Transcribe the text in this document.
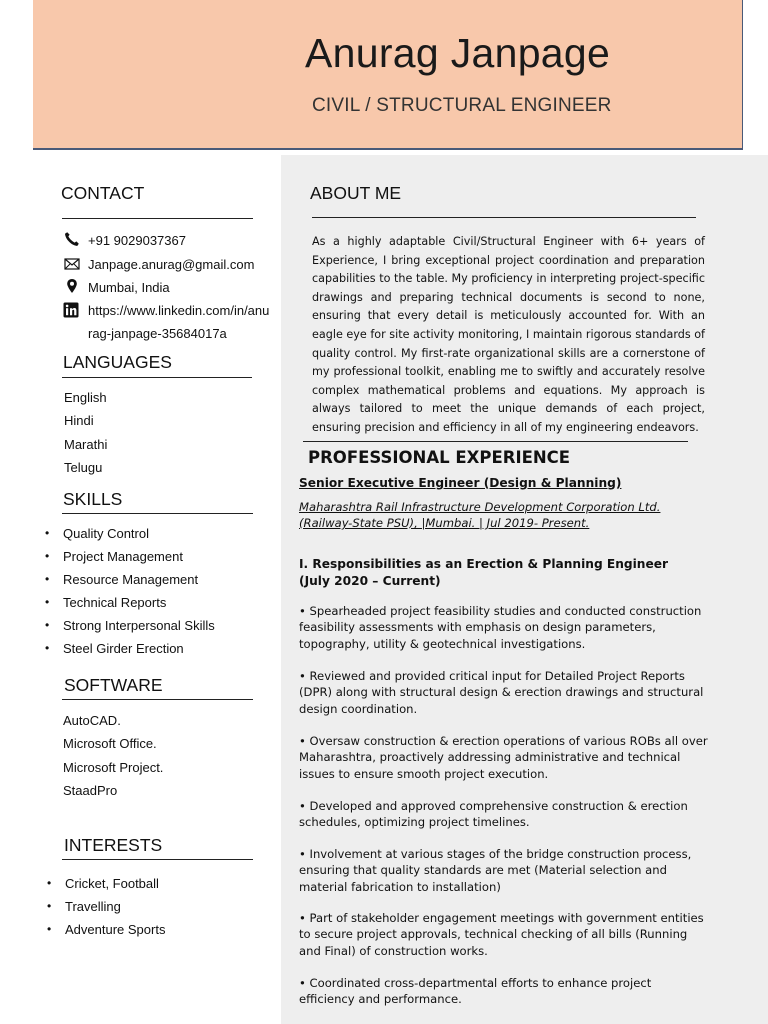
Anurag Janpage
CIVIL / STRUCTURAL ENGINEER
CONTACT
+91 9029037367
Janpage.anurag@gmail.com
Mumbai, India
https://www.linkedin.com/in/anu
rag-janpage-35684017a
LANGUAGES
English
Hindi
Marathi
Telugu
SKILLS
• Quality Control
• Project Management
• Resource Management
• Technical Reports
• Strong Interpersonal Skills
• Steel Girder Erection
SOFTWARE
AutoCAD.
Microsoft Office.
Microsoft Project.
StaadPro
INTERESTS
• Cricket, Football
• Travelling
• Adventure Sports
ABOUT ME

As a highly adaptable Civil/Structural Engineer with 6+ years of Experience, I bring exceptional project coordination and preparation capabilities to the table. My proficiency in interpreting project-specific drawings and preparing technical documents is second to none, ensuring that every detail is meticulously accounted for. With an eagle eye for site activity monitoring, I maintain rigorous standards of quality control. My first-rate organizational skills are a cornerstone of my professional toolkit, enabling me to swiftly and accurately resolve complex mathematical problems and equations. My approach is always tailored to meet the unique demands of each project, ensuring precision and efficiency in all of my engineering endeavors.

PROFESSIONAL EXPERIENCE
Senior Executive Engineer (Design & Planning)
Maharashtra Rail Infrastructure Development Corporation Ltd.
(Railway-State PSU), |Mumbai. | Jul 2019- Present.
I. Responsibilities as an Erection & Planning Engineer (July 2020 – Current)

• Spearheaded project feasibility studies and conducted construction feasibility assessments with emphasis on design parameters, topography, utility & geotechnical investigations.

• Reviewed and provided critical input for Detailed Project Reports (DPR) along with structural design & erection drawings and structural design coordination.

• Oversaw construction & erection operations of various ROBs all over Maharashtra, proactively addressing administrative and technical issues to ensure smooth project execution.

• Developed and approved comprehensive construction & erection schedules, optimizing project timelines.

• Involvement at various stages of the bridge construction process, ensuring that quality standards are met (Material selection and material fabrication to installation)

• Part of stakeholder engagement meetings with government entities to secure project approvals, technical checking of all bills (Running and Final) of construction works.

• Coordinated cross-departmental efforts to enhance project efficiency and performance.
